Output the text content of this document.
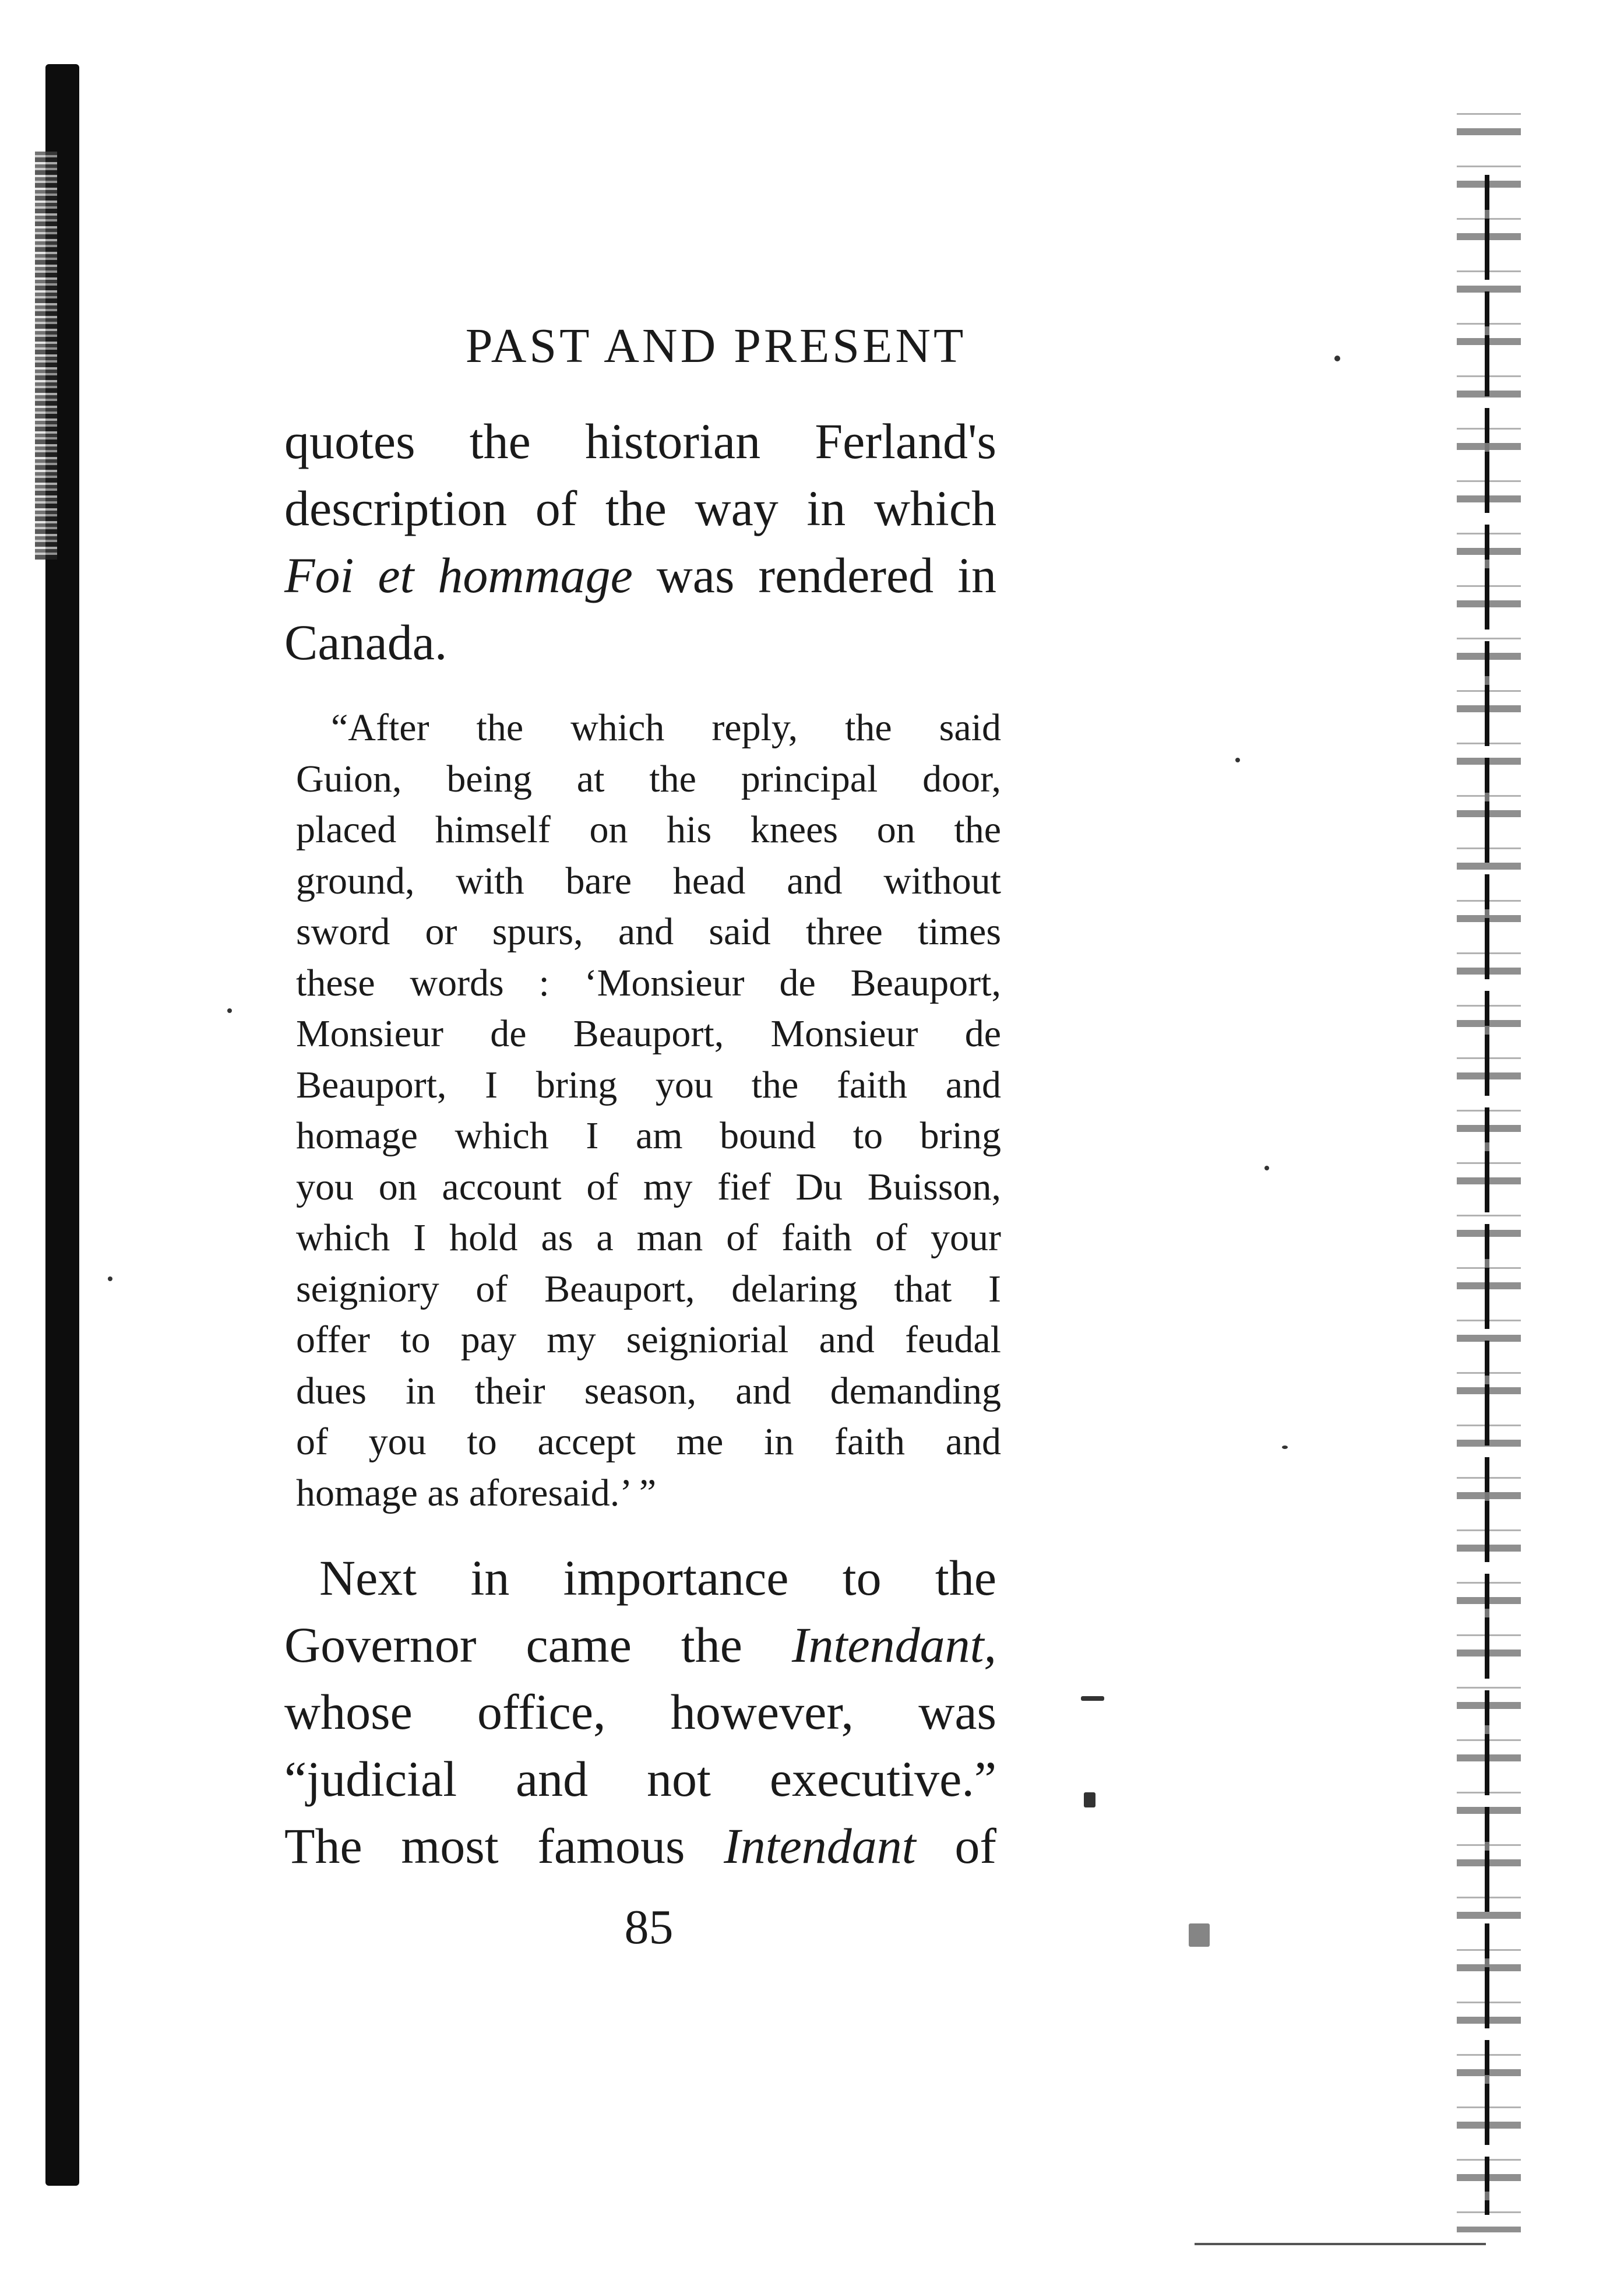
PAST AND PRESENT
quotes the historian Ferland's
description of the way in which
Foi et hommage was rendered in
Canada.
“After the which reply, the said
Guion, being at the principal door,
placed himself on his knees on the
ground, with bare head and without
sword or spurs, and said three times
these words : ‘Monsieur de Beauport,
Monsieur de Beauport, Monsieur de
Beauport, I bring you the faith and
homage which I am bound to bring
you on account of my fief Du Buisson,
which I hold as a man of faith of your
seigniory of Beauport, delaring that I
offer to pay my seigniorial and feudal
dues in their season, and demanding
of you to accept me in faith and
homage as aforesaid.’ ”
Next in importance to the
Governor came the Intendant,
whose office, however, was
“judicial and not executive.”
The most famous Intendant of
85
